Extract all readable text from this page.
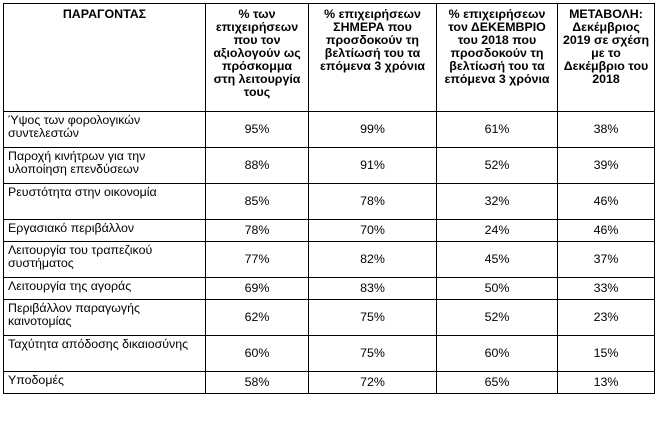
ΠΑΡΑΓΟΝΤΑΣ	% των επιχειρήσεων που τον αξιολογούν ως πρόσκομμα στη λειτουργία τους	% επιχειρήσεων ΣΗΜΕΡΑ που προσδοκούν τη βελτίωσή του τα επόμενα 3 χρόνια	% επιχειρήσεων τον ΔΕΚΕΜΒΡΙΟ του 2018 που προσδοκούν τη βελτίωσή του τα επόμενα 3 χρόνια	ΜΕΤΑΒΟΛΗ: Δεκέμβριος 2019 σε σχέση με το Δεκέμβριο του 2018
Ύψος των φορολογικών συντελεστών	95%	99%	61%	38%
Παροχή κινήτρων για την υλοποίηση επενδύσεων	88%	91%	52%	39%
Ρευστότητα στην οικονομία	85%	78%	32%	46%
Εργασιακό περιβάλλον	78%	70%	24%	46%
Λειτουργία του τραπεζικού συστήματος	77%	82%	45%	37%
Λειτουργία της αγοράς	69%	83%	50%	33%
Περιβάλλον παραγωγής καινοτομίας	62%	75%	52%	23%
Ταχύτητα απόδοσης δικαιοσύνης	60%	75%	60%	15%
Υποδομές	58%	72%	65%	13%
